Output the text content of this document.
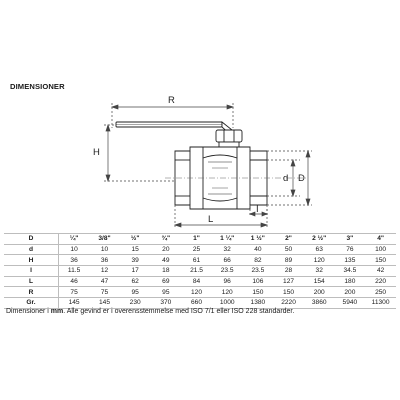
DIMENSIONER
R
H
d D
I
L
D	¼"	3/8"	½"	¾"	1"	1 ¼"	1 ½"	2"	2 ½"	3"	4"
d	10	10	15	20	25	32	40	50	63	76	100
H	36	36	39	49	61	66	82	89	120	135	150
I	11.5	12	17	18	21.5	23.5	23.5	28	32	34.5	42
L	46	47	62	69	84	96	106	127	154	180	220
R	75	75	95	95	120	120	150	150	200	200	250
Gr.	145	145	230	370	660	1000	1380	2220	3860	5940	11300
Dimensioner i mm. Alle gevind er i overensstemmelse med ISO 7/1 eller ISO 228 standarder.
